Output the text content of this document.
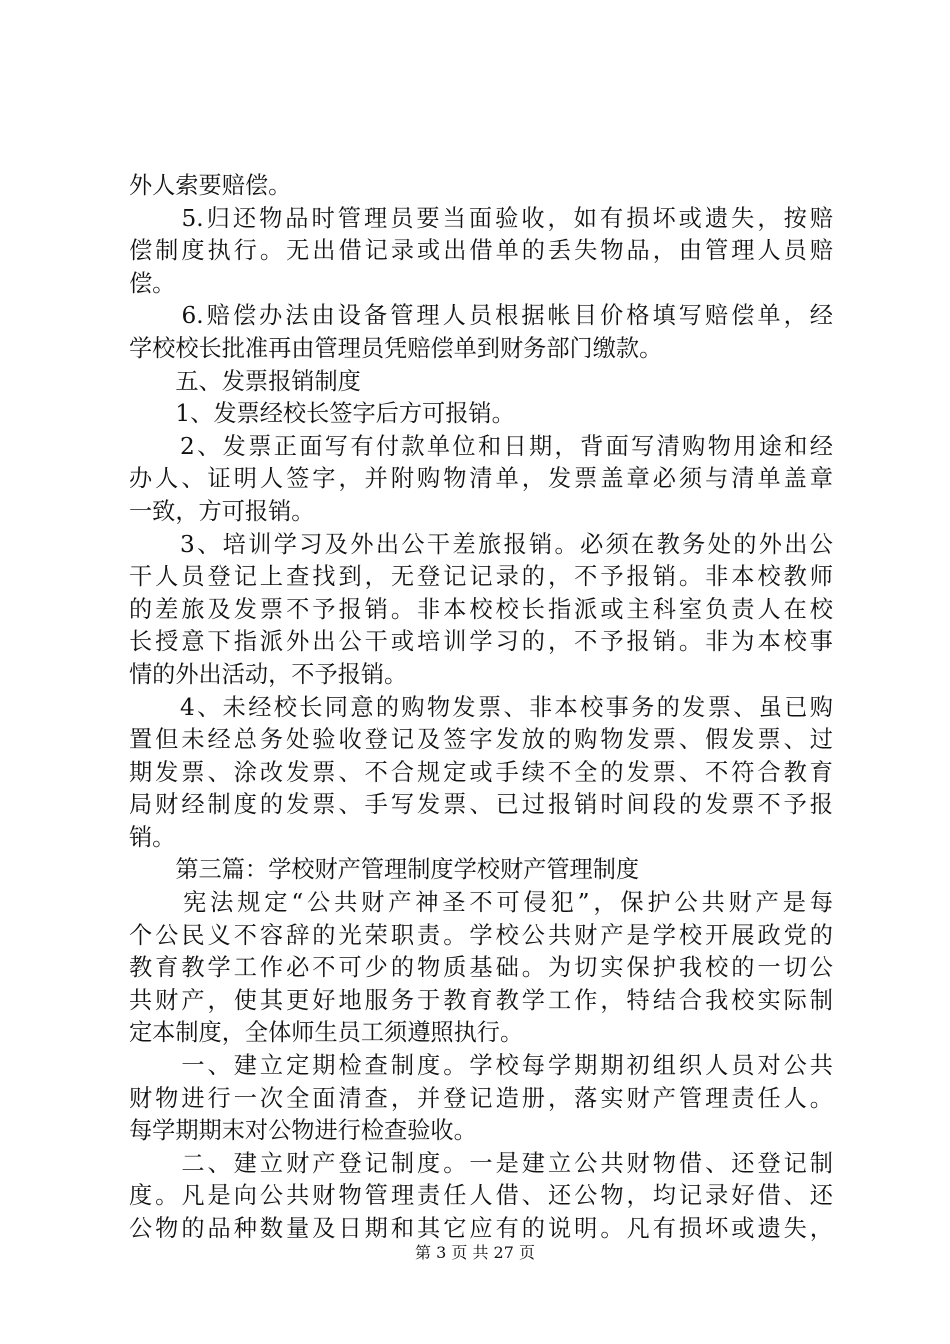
外人索要赔偿。
　　5.归还物品时管理员要当面验收，如有损坏或遗失，按赔
偿制度执行。无出借记录或出借单的丢失物品，由管理人员赔
偿。
　　6.赔偿办法由设备管理人员根据帐目价格填写赔偿单，经
学校校长批准再由管理员凭赔偿单到财务部门缴款。
　　五、发票报销制度
　　1、发票经校长签字后方可报销。
　　2、发票正面写有付款单位和日期，背面写清购物用途和经
办人、证明人签字，并附购物清单，发票盖章必须与清单盖章
一致，方可报销。
　　3、培训学习及外出公干差旅报销。必须在教务处的外出公
干人员登记上查找到，无登记记录的，不予报销。非本校教师
的差旅及发票不予报销。非本校校长指派或主科室负责人在校
长授意下指派外出公干或培训学习的，不予报销。非为本校事
情的外出活动，不予报销。
　　4、未经校长同意的购物发票、非本校事务的发票、虽已购
置但未经总务处验收登记及签字发放的购物发票、假发票、过
期发票、涂改发票、不合规定或手续不全的发票、不符合教育
局财经制度的发票、手写发票、已过报销时间段的发票不予报
销。
　　第三篇：学校财产管理制度学校财产管理制度
　　宪法规定“公共财产神圣不可侵犯”，保护公共财产是每
个公民义不容辞的光荣职责。学校公共财产是学校开展政党的
教育教学工作必不可少的物质基础。为切实保护我校的一切公
共财产，使其更好地服务于教育教学工作，特结合我校实际制
定本制度，全体师生员工须遵照执行。
　　一、建立定期检查制度。学校每学期期初组织人员对公共
财物进行一次全面清查，并登记造册，落实财产管理责任人。
每学期期末对公物进行检查验收。
　　二、建立财产登记制度。一是建立公共财物借、还登记制
度。凡是向公共财物管理责任人借、还公物，均记录好借、还
公物的品种数量及日期和其它应有的说明。凡有损坏或遗失，
第 3 页 共 27 页
